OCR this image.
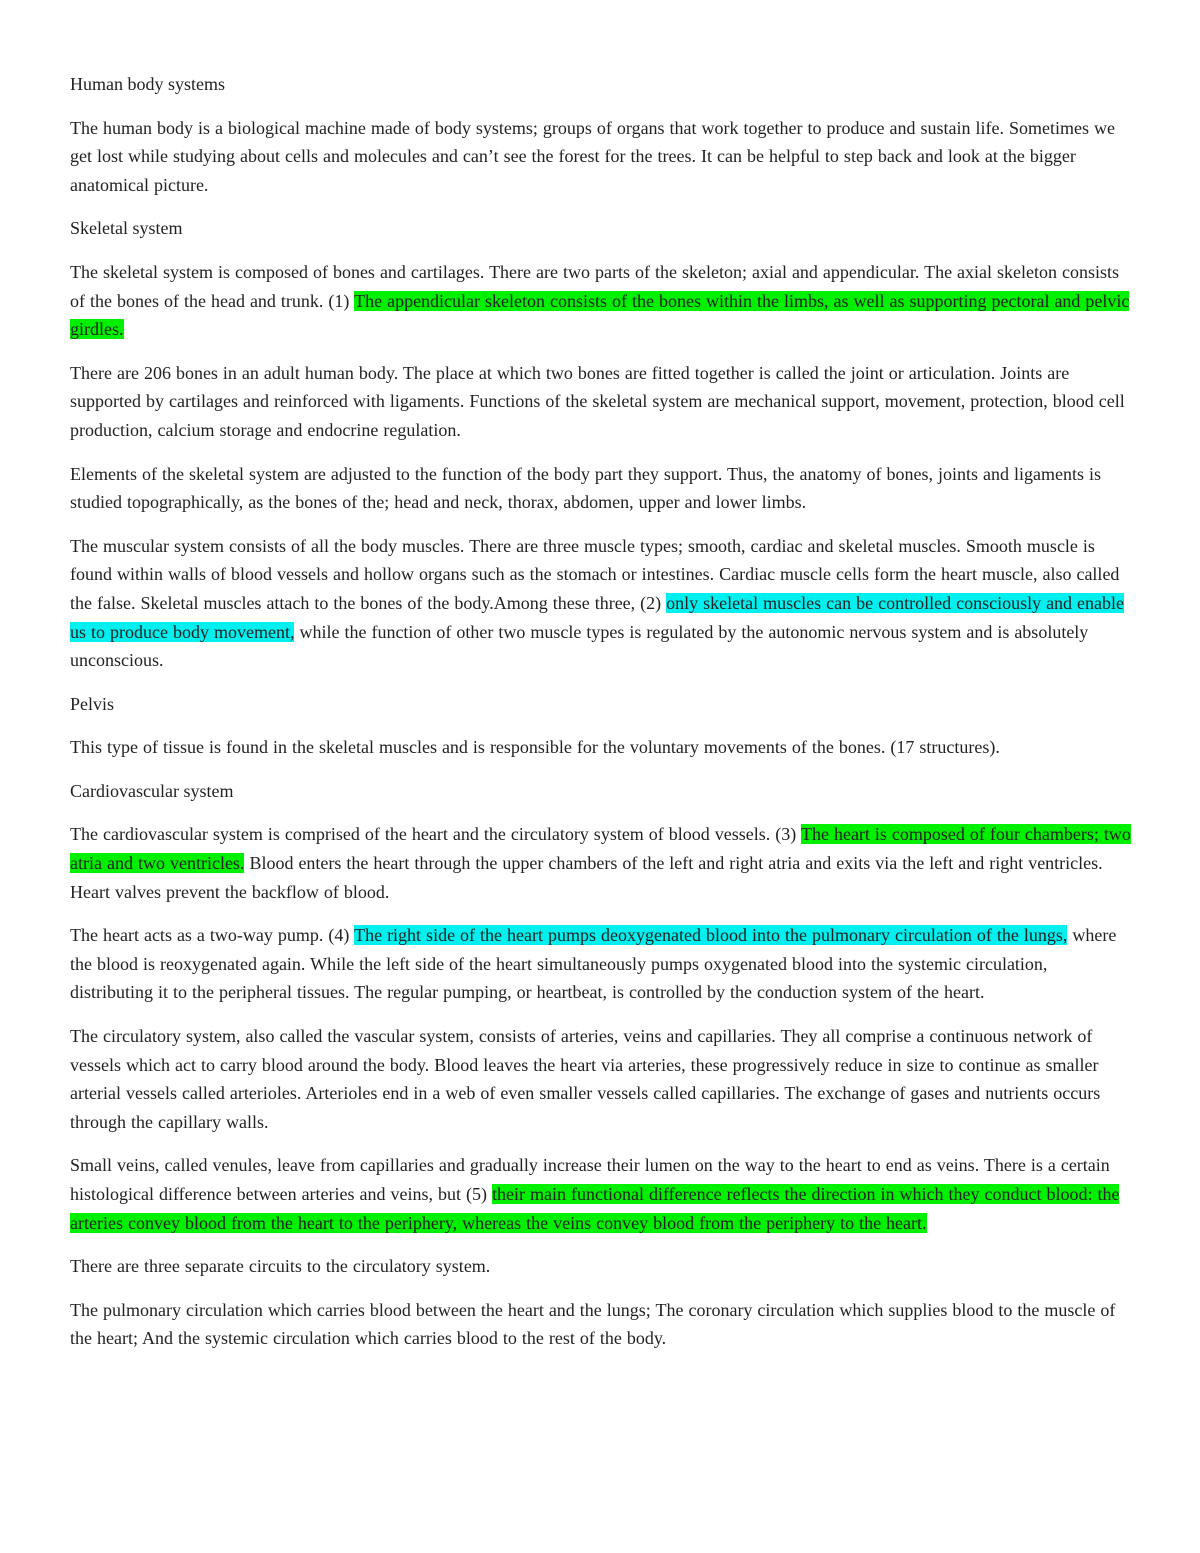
Human body systems

The human body is a biological machine made of body systems; groups of organs that work together to produce and sustain life. Sometimes we get lost while studying about cells and molecules and can’t see the forest for the trees. It can be helpful to step back and look at the bigger anatomical picture.

Skeletal system

The skeletal system is composed of bones and cartilages. There are two parts of the skeleton; axial and appendicular. The axial skeleton consists of the bones of the head and trunk. (1) The appendicular skeleton consists of the bones within the limbs, as well as supporting pectoral and pelvic girdles.

There are 206 bones in an adult human body. The place at which two bones are fitted together is called the joint or articulation. Joints are supported by cartilages and reinforced with ligaments. Functions of the skeletal system are mechanical support, movement, protection, blood cell production, calcium storage and endocrine regulation.

Elements of the skeletal system are adjusted to the function of the body part they support. Thus, the anatomy of bones, joints and ligaments is studied topographically, as the bones of the; head and neck, thorax, abdomen, upper and lower limbs.

The muscular system consists of all the body muscles. There are three muscle types; smooth, cardiac and skeletal muscles. Smooth muscle is found within walls of blood vessels and hollow organs such as the stomach or intestines. Cardiac muscle cells form the heart muscle, also called the false. Skeletal muscles attach to the bones of the body.Among these three, (2) only skeletal muscles can be controlled consciously and enable us to produce body movement, while the function of other two muscle types is regulated by the autonomic nervous system and is absolutely unconscious.

Pelvis

This type of tissue is found in the skeletal muscles and is responsible for the voluntary movements of the bones. (17 structures).

Cardiovascular system

The cardiovascular system is comprised of the heart and the circulatory system of blood vessels. (3) The heart is composed of four chambers; two atria and two ventricles. Blood enters the heart through the upper chambers of the left and right atria and exits via the left and right ventricles. Heart valves prevent the backflow of blood.

The heart acts as a two-way pump. (4) The right side of the heart pumps deoxygenated blood into the pulmonary circulation of the lungs, where the blood is reoxygenated again. While the left side of the heart simultaneously pumps oxygenated blood into the systemic circulation, distributing it to the peripheral tissues. The regular pumping, or heartbeat, is controlled by the conduction system of the heart.

The circulatory system, also called the vascular system, consists of arteries, veins and capillaries. They all comprise a continuous network of vessels which act to carry blood around the body. Blood leaves the heart via arteries, these progressively reduce in size to continue as smaller arterial vessels called arterioles. Arterioles end in a web of even smaller vessels called capillaries. The exchange of gases and nutrients occurs through the capillary walls.

Small veins, called venules, leave from capillaries and gradually increase their lumen on the way to the heart to end as veins. There is a certain histological difference between arteries and veins, but (5) their main functional difference reflects the direction in which they conduct blood: the arteries convey blood from the heart to the periphery, whereas the veins convey blood from the periphery to the heart.

There are three separate circuits to the circulatory system.

The pulmonary circulation which carries blood between the heart and the lungs; The coronary circulation which supplies blood to the muscle of the heart; And the systemic circulation which carries blood to the rest of the body.
